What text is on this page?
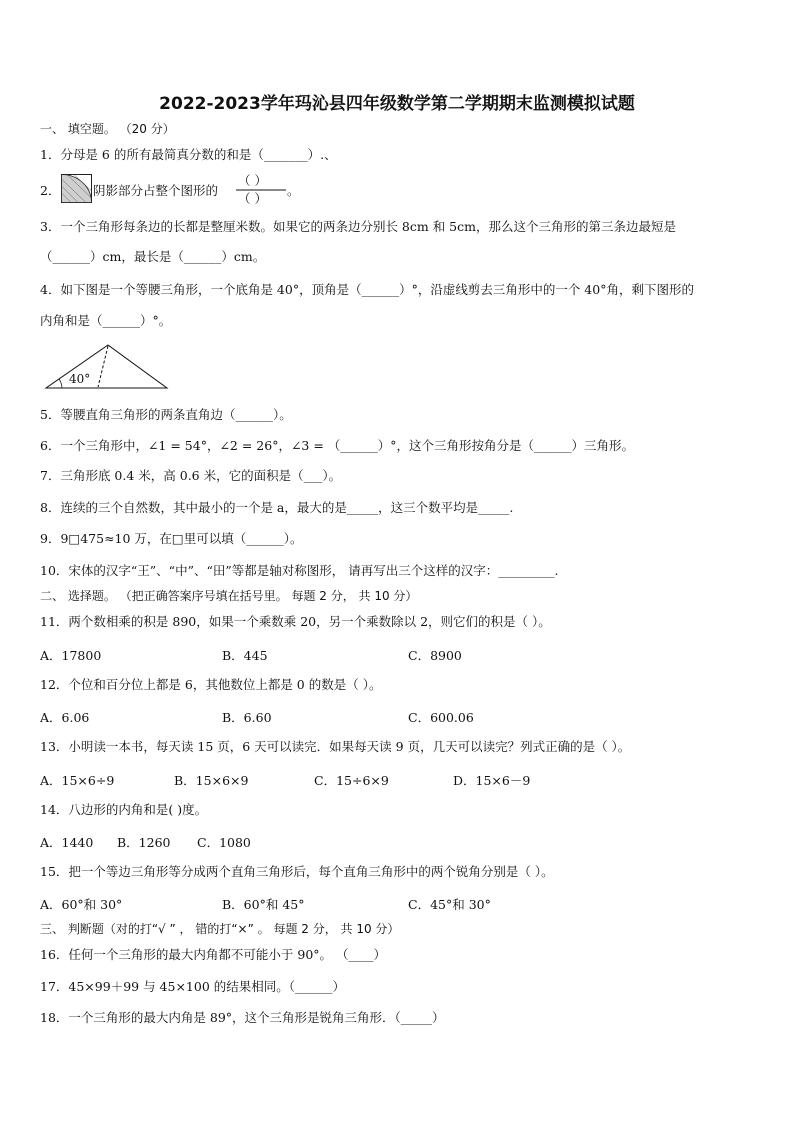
2022-2023学年玛沁县四年级数学第二学期期末监测模拟试题
一、 填空题。 （20 分）
1．分母是 6 的所有最简真分数的和是（_______）.、
2．	阴影部分占整个图形的
（ ）
（ ）
。
3．一个三角形每条边的长都是整厘米数。如果它的两条边分别长 8cm 和 5cm，那么这个三角形的第三条边最短是
（______）cm，最长是（______）cm。
4．如下图是一个等腰三角形，一个底角是 40°，顶角是（______）°，沿虚线剪去三角形中的一个 40°角，剩下图形的
内角和是（______）°。
40°
5．等腰直角三角形的两条直角边（______）。
6．一个三角形中，∠1 = 54°，∠2 = 26°，∠3 = （______）°，这个三角形按角分是（______）三角形。
7．三角形底 0.4 米，高 0.6 米，它的面积是（___）。
8．连续的三个自然数，其中最小的一个是 a，最大的是_____，这三个数平均是_____.
9．9□475≈10 万，在□里可以填（______）。
10．宋体的汉字“王”、“中”、“田”等都是轴对称图形， 请再写出三个这样的汉字：_________.
二、 选择题。 （把正确答案序号填在括号里。 每题 2 分， 共 10 分）
11．两个数相乘的积是 890，如果一个乘数乘 20，另一个乘数除以 2，则它们的积是（ ）。
A．17800	B．445	C．8900
12．个位和百分位上都是 6，其他数位上都是 0 的数是（ ）。
A．6.06	B．6.60	C．600.06
13．小明读一本书，每天读 15 页，6 天可以读完．如果每天读 9 页，几天可以读完？列式正确的是（ ）。
A．15×6÷9	B．15×6×9	C．15÷6×9	D．15×6－9
14．八边形的内角和是( )度。
A．1440 B．1260 C．1080
15．把一个等边三角形等分成两个直角三角形后，每个直角三角形中的两个锐角分别是（ ）。
A．60°和 30°	B．60°和 45°	C．45°和 30°
三、 判断题（对的打“√ ” ， 错的打“×” 。 每题 2 分， 共 10 分）
16．任何一个三角形的最大内角都不可能小于 90°。 （____）
17．45×99＋99 与 45×100 的结果相同。（______）
18．一个三角形的最大内角是 89°，这个三角形是锐角三角形．（_____）
